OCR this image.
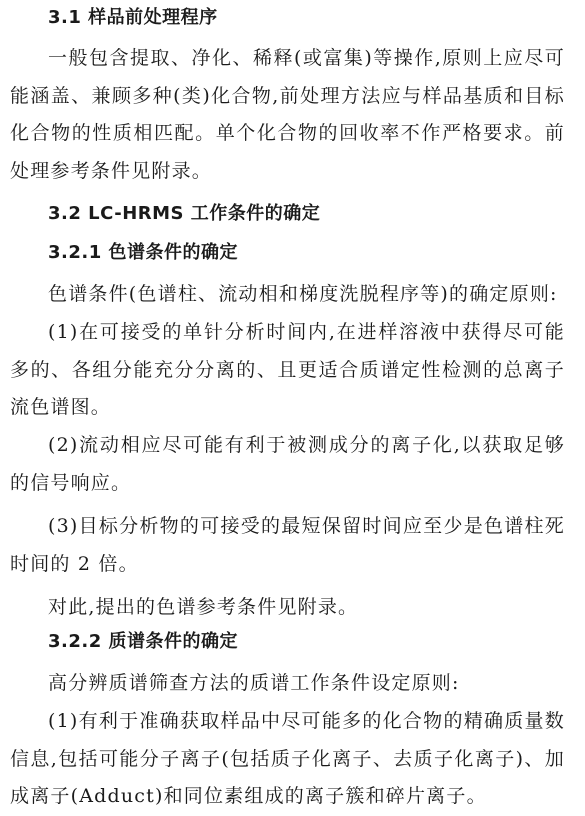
3.1 样品前处理程序
一般包含提取、净化、稀释(或富集)等操作,原则上应尽可能涵盖、兼顾多种(类)化合物,前处理方法应与样品基质和目标化合物的性质相匹配。单个化合物的回收率不作严格要求。前处理参考条件见附录。
3.2 LC-HRMS 工作条件的确定
3.2.1 色谱条件的确定
色谱条件(色谱柱、流动相和梯度洗脱程序等)的确定原则:
(1)在可接受的单针分析时间内,在进样溶液中获得尽可能多的、各组分能充分分离的、且更适合质谱定性检测的总离子流色谱图。
(2)流动相应尽可能有利于被测成分的离子化,以获取足够的信号响应。
(3)目标分析物的可接受的最短保留时间应至少是色谱柱死时间的 2 倍。
对此,提出的色谱参考条件见附录。
3.2.2 质谱条件的确定
高分辨质谱筛查方法的质谱工作条件设定原则:
(1)有利于准确获取样品中尽可能多的化合物的精确质量数信息,包括可能分子离子(包括质子化离子、去质子化离子)、加成离子(Adduct)和同位素组成的离子簇和碎片离子。
